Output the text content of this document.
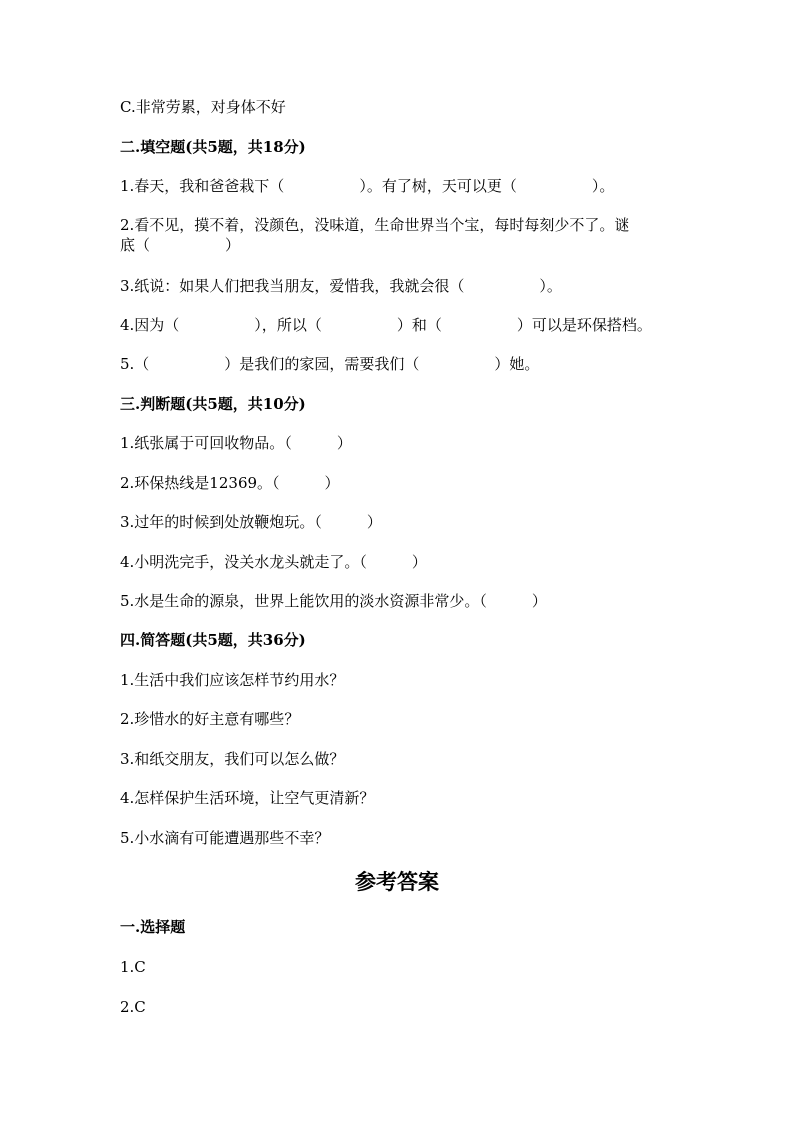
C.非常劳累，对身体不好
二.填空题(共5题，共18分)
1.春天，我和爸爸栽下（　　　　　）。有了树，天可以更（　　　　　）。
2.看不见，摸不着，没颜色，没味道，生命世界当个宝，每时每刻少不了。谜
底（　　　　　）
3.纸说：如果人们把我当朋友，爱惜我，我就会很（　　　　　）。
4.因为（　　　　　），所以（　　　　　）和（　　　　　）可以是环保搭档。
5.（　　　　　）是我们的家园，需要我们（　　　　　）她。
三.判断题(共5题，共10分)
1.纸张属于可回收物品。（　　　）
2.环保热线是12369。（　　　）
3.过年的时候到处放鞭炮玩。（　　　）
4.小明洗完手，没关水龙头就走了。（　　　）
5.水是生命的源泉，世界上能饮用的淡水资源非常少。（　　　）
四.简答题(共5题，共36分)
1.生活中我们应该怎样节约用水？
2.珍惜水的好主意有哪些？
3.和纸交朋友，我们可以怎么做？
4.怎样保护生活环境，让空气更清新？
5.小水滴有可能遭遇那些不幸？
参考答案
一.选择题
1.C
2.C
